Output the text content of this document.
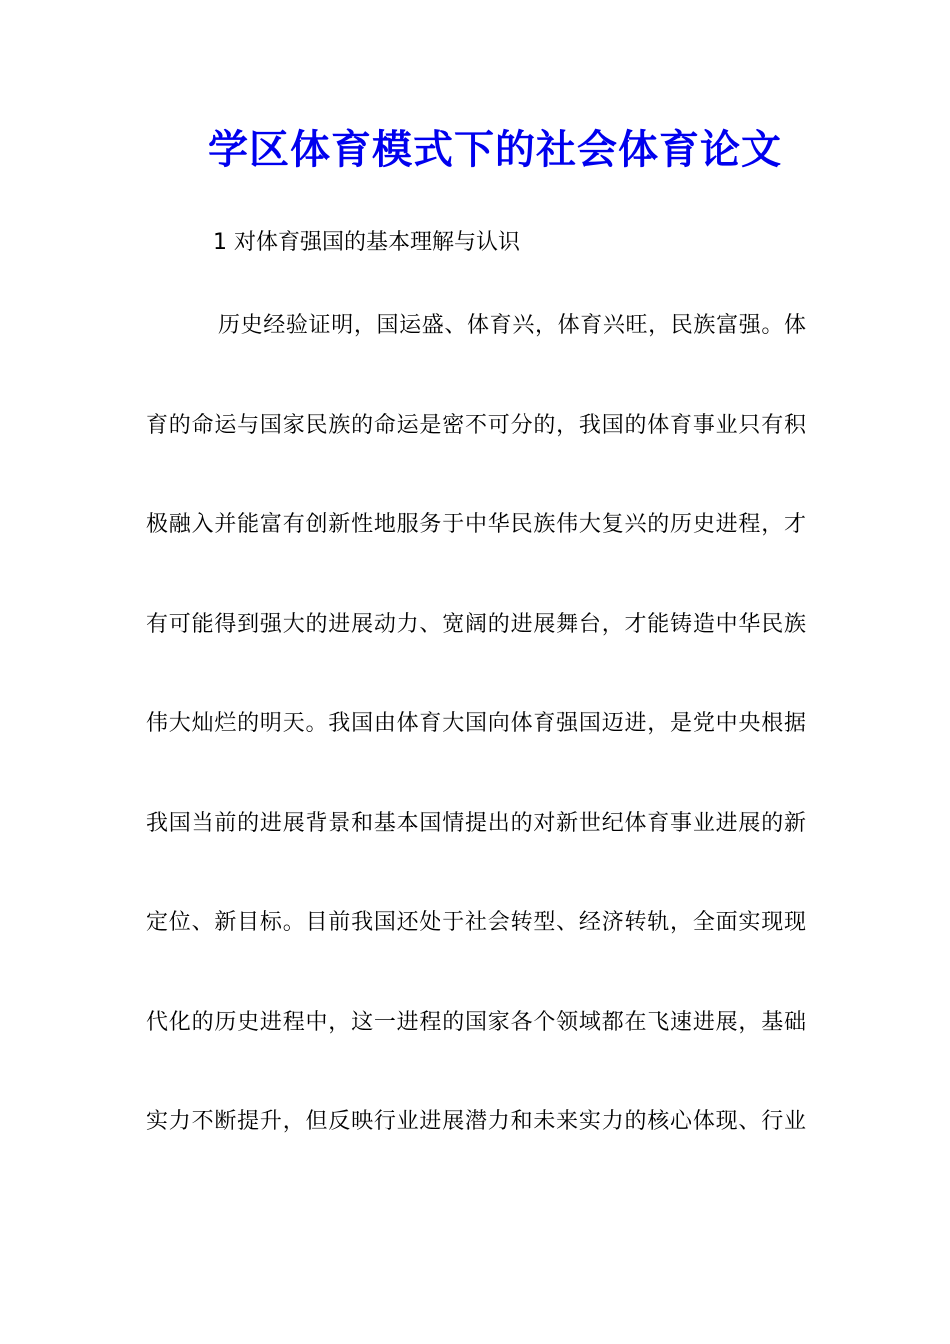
学区体育模式下的社会体育论文
1 对体育强国的基本理解与认识
历史经验证明，国运盛、体育兴，体育兴旺，民族富强。体
育的命运与国家民族的命运是密不可分的，我国的体育事业只有积
极融入并能富有创新性地服务于中华民族伟大复兴的历史进程，才
有可能得到强大的进展动力、宽阔的进展舞台，才能铸造中华民族
伟大灿烂的明天。我国由体育大国向体育强国迈进，是党中央根据
我国当前的进展背景和基本国情提出的对新世纪体育事业进展的新
定位、新目标。目前我国还处于社会转型、经济转轨，全面实现现
代化的历史进程中，这一进程的国家各个领域都在飞速进展，基础
实力不断提升，但反映行业进展潜力和未来实力的核心体现、行业
